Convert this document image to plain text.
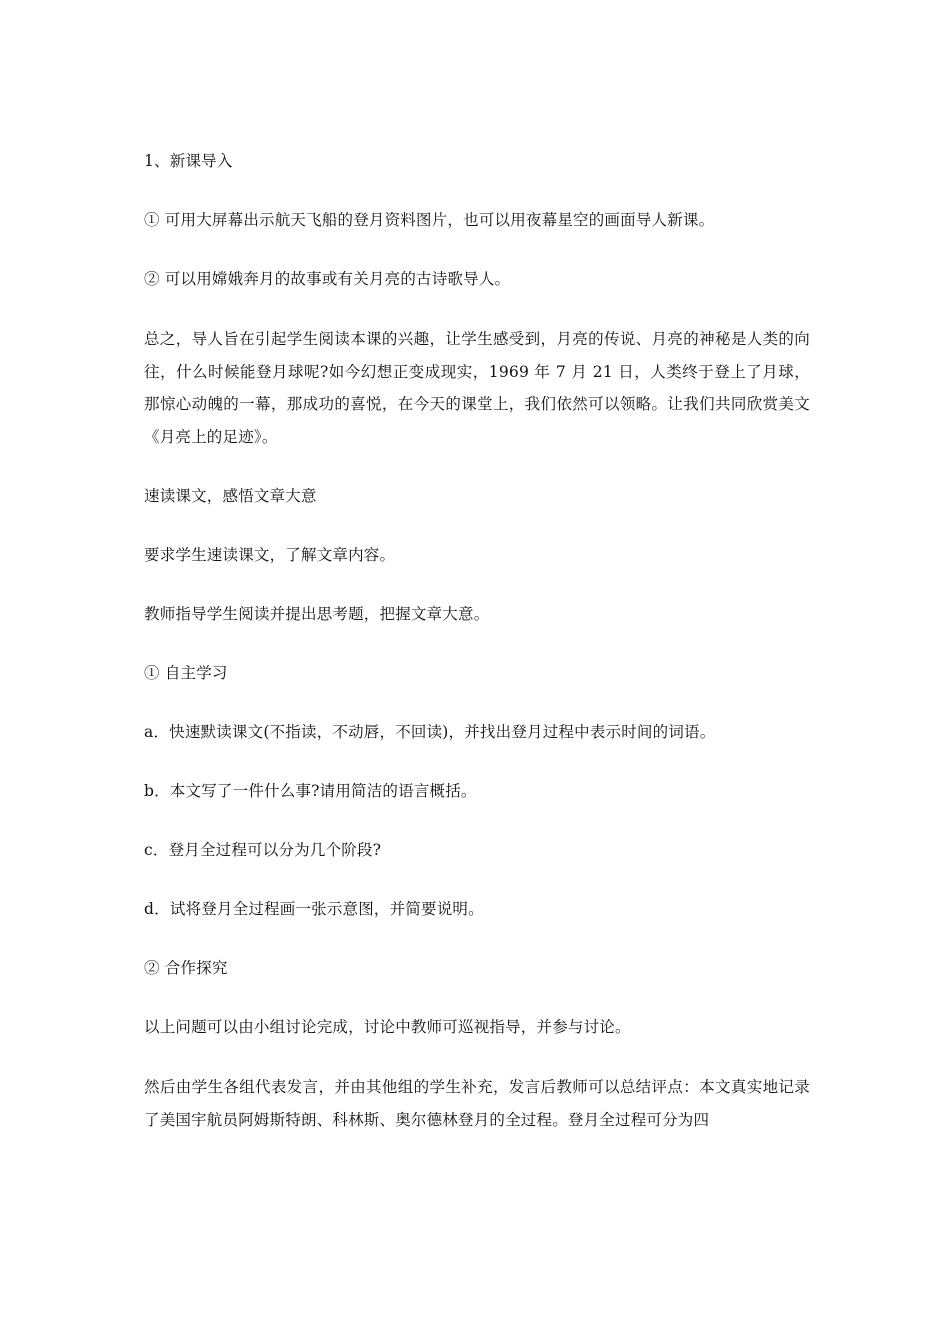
1、新课导入

① 可用大屏幕出示航天飞船的登月资料图片，也可以用夜幕星空的画面导人新课。

② 可以用嫦娥奔月的故事或有关月亮的古诗歌导人。

总之，导人旨在引起学生阅读本课的兴趣，让学生感受到，月亮的传说、月亮的神秘是人类的向往，什么时候能登月球呢?如今幻想正变成现实，1969 年 7 月 21 日，人类终于登上了月球，那惊心动魄的一幕，那成功的喜悦，在今天的课堂上，我们依然可以领略。让我们共同欣赏美文《月亮上的足迹》。

速读课文，感悟文章大意

要求学生速读课文，了解文章内容。

教师指导学生阅读并提出思考题，把握文章大意。

① 自主学习

a．快速默读课文(不指读，不动唇，不回读)，并找出登月过程中表示时间的词语。

b．本文写了一件什么事?请用简洁的语言概括。

c．登月全过程可以分为几个阶段?

d．试将登月全过程画一张示意图，并简要说明。

② 合作探究

以上问题可以由小组讨论完成，讨论中教师可巡视指导，并参与讨论。

然后由学生各组代表发言，并由其他组的学生补充，发言后教师可以总结评点：本文真实地记录了美国宇航员阿姆斯特朗、科林斯、奥尔德林登月的全过程。登月全过程可分为四
